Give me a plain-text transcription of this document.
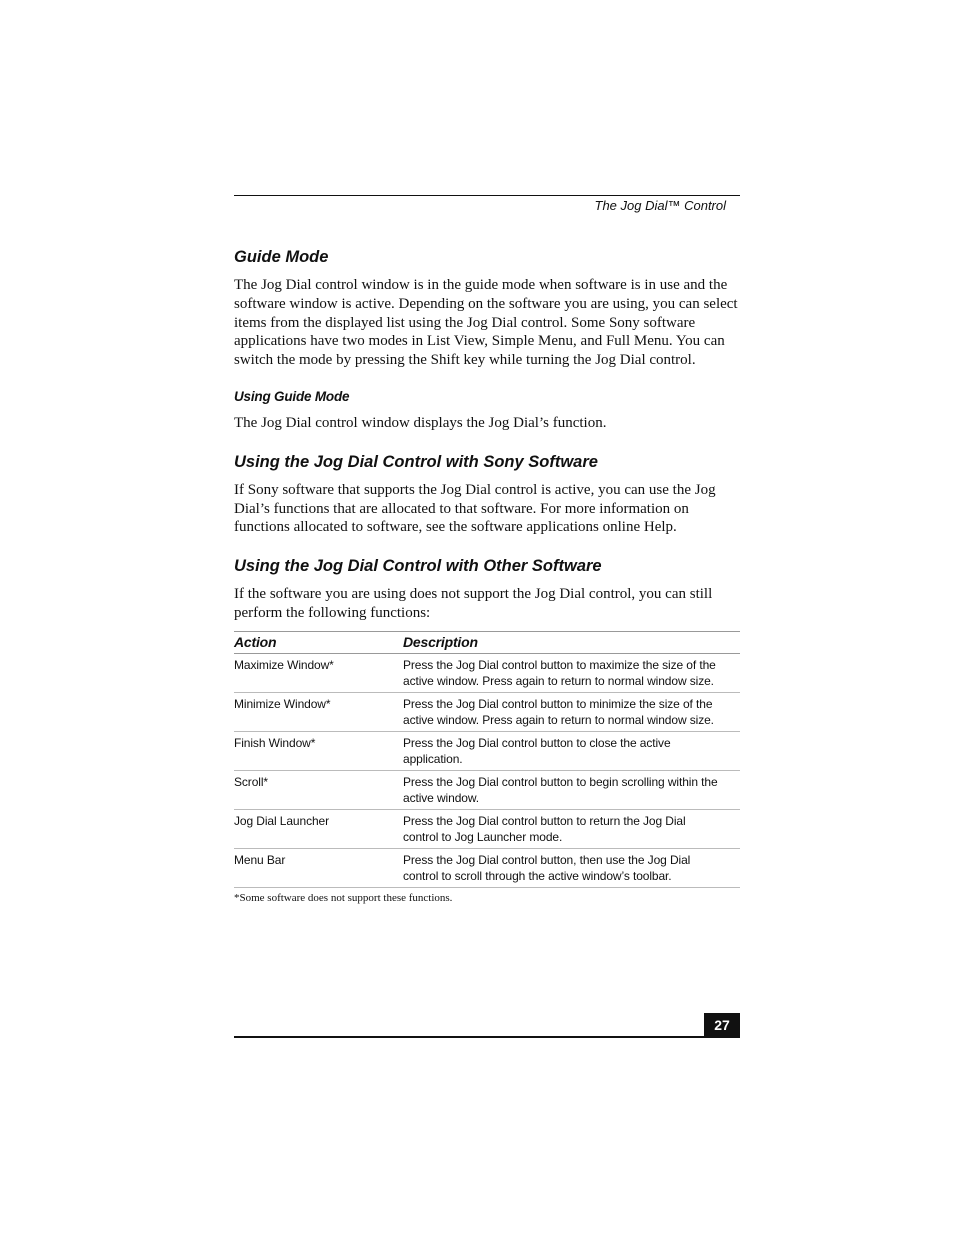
The Jog Dial™ Control
Guide Mode

The Jog Dial control window is in the guide mode when software is in use and the software window is active. Depending on the software you are using, you can select items from the displayed list using the Jog Dial control. Some Sony software applications have two modes in List View, Simple Menu, and Full Menu. You can switch the mode by pressing the Shift key while turning the Jog Dial control.

Using Guide Mode

The Jog Dial control window displays the Jog Dial’s function.

Using the Jog Dial Control with Sony Software

If Sony software that supports the Jog Dial control is active, you can use the Jog Dial’s functions that are allocated to that software. For more information on functions allocated to software, see the software applications online Help.

Using the Jog Dial Control with Other Software

If the software you are using does not support the Jog Dial control, you can still perform the following functions:

Action	Description
Maximize Window*	Press the Jog Dial control button to maximize the size of the active window. Press again to return to normal window size.
Minimize Window*	Press the Jog Dial control button to minimize the size of the active window. Press again to return to normal window size.
Finish Window*	Press the Jog Dial control button to close the active application.
Scroll*	Press the Jog Dial control button to begin scrolling within the active window.
Jog Dial Launcher	Press the Jog Dial control button to return the Jog Dial control to Jog Launcher mode.
Menu Bar	Press the Jog Dial control button, then use the Jog Dial control to scroll through the active window’s toolbar.
*Some software does not support these functions.
27
